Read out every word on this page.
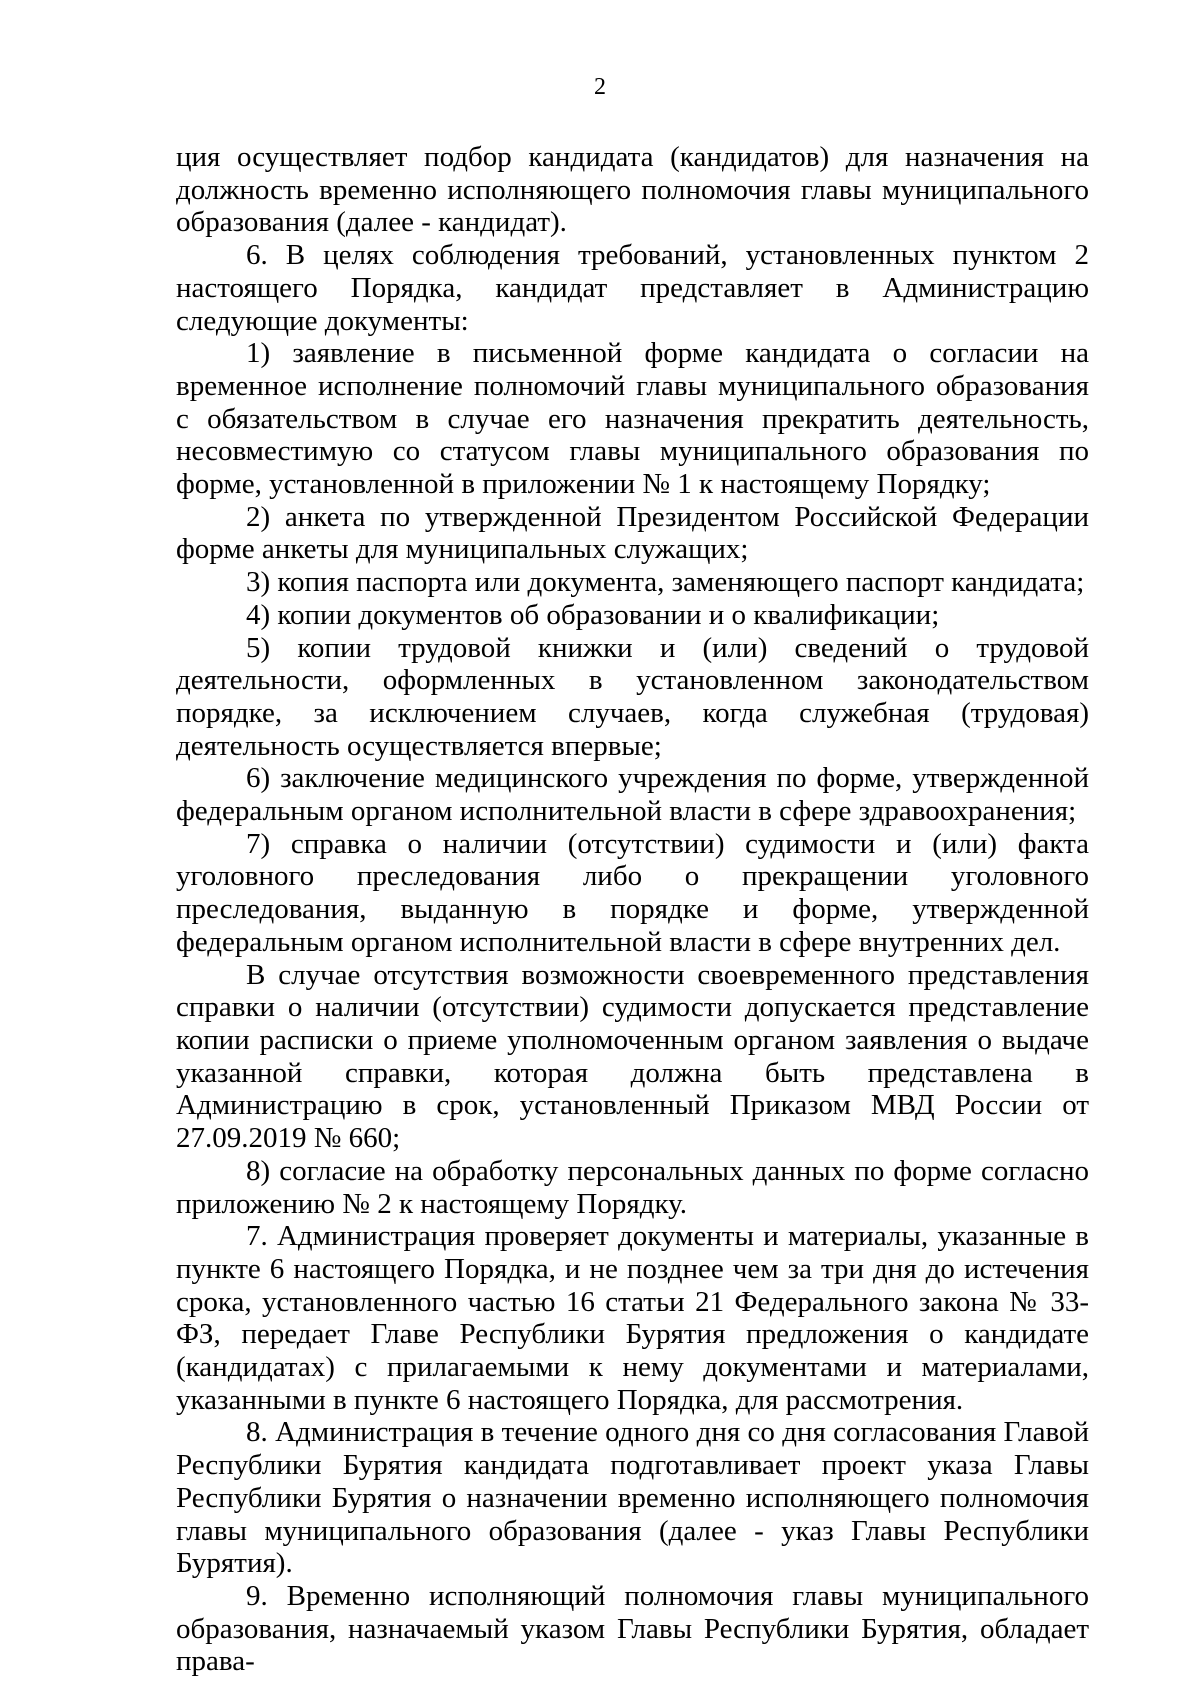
2

ция осуществляет подбор кандидата (кандидатов) для назначения на должность временно исполняющего полномочия главы муниципального образования (далее - кандидат).

6. В целях соблюдения требований, установленных пунктом 2 настоящего Порядка, кандидат представляет в Администрацию следующие документы:

1) заявление в письменной форме кандидата о согласии на временное исполнение полномочий главы муниципального образования с обязательством в случае его назначения прекратить деятельность, несовместимую со статусом главы муниципального образования по форме, установленной в приложении № 1 к настоящему Порядку;

2) анкета по утвержденной Президентом Российской Федерации форме анкеты для муниципальных служащих;

3) копия паспорта или документа, заменяющего паспорт кандидата;

4) копии документов об образовании и о квалификации;

5) копии трудовой книжки и (или) сведений о трудовой деятельности, оформленных в установленном законодательством порядке, за исключением случаев, когда служебная (трудовая) деятельность осуществляется впервые;

6) заключение медицинского учреждения по форме, утвержденной федеральным органом исполнительной власти в сфере здравоохранения;

7) справка о наличии (отсутствии) судимости и (или) факта уголовного преследования либо о прекращении уголовного преследования, выданную в порядке и форме, утвержденной федеральным органом исполнительной власти в сфере внутренних дел.

В случае отсутствия возможности своевременного представления справки о наличии (отсутствии) судимости допускается представление копии расписки о приеме уполномоченным органом заявления о выдаче указанной справки, которая должна быть представлена в Администрацию в срок, установленный Приказом МВД России от 27.09.2019 № 660;

8) согласие на обработку персональных данных по форме согласно приложению № 2 к настоящему Порядку.

7. Администрация проверяет документы и материалы, указанные в пункте 6 настоящего Порядка, и не позднее чем за три дня до истечения срока, установленного частью 16 статьи 21 Федерального закона № 33-ФЗ, передает Главе Республики Бурятия предложения о кандидате (кандидатах) с прилагаемыми к нему документами и материалами, указанными в пункте 6 настоящего Порядка, для рассмотрения.

8. Администрация в течение одного дня со дня согласования Главой Республики Бурятия кандидата подготавливает проект указа Главы Республики Бурятия о назначении временно исполняющего полномочия главы муниципального образования (далее - указ Главы Республики Бурятия).

9. Временно исполняющий полномочия главы муниципального образования, назначаемый указом Главы Республики Бурятия, обладает права-
